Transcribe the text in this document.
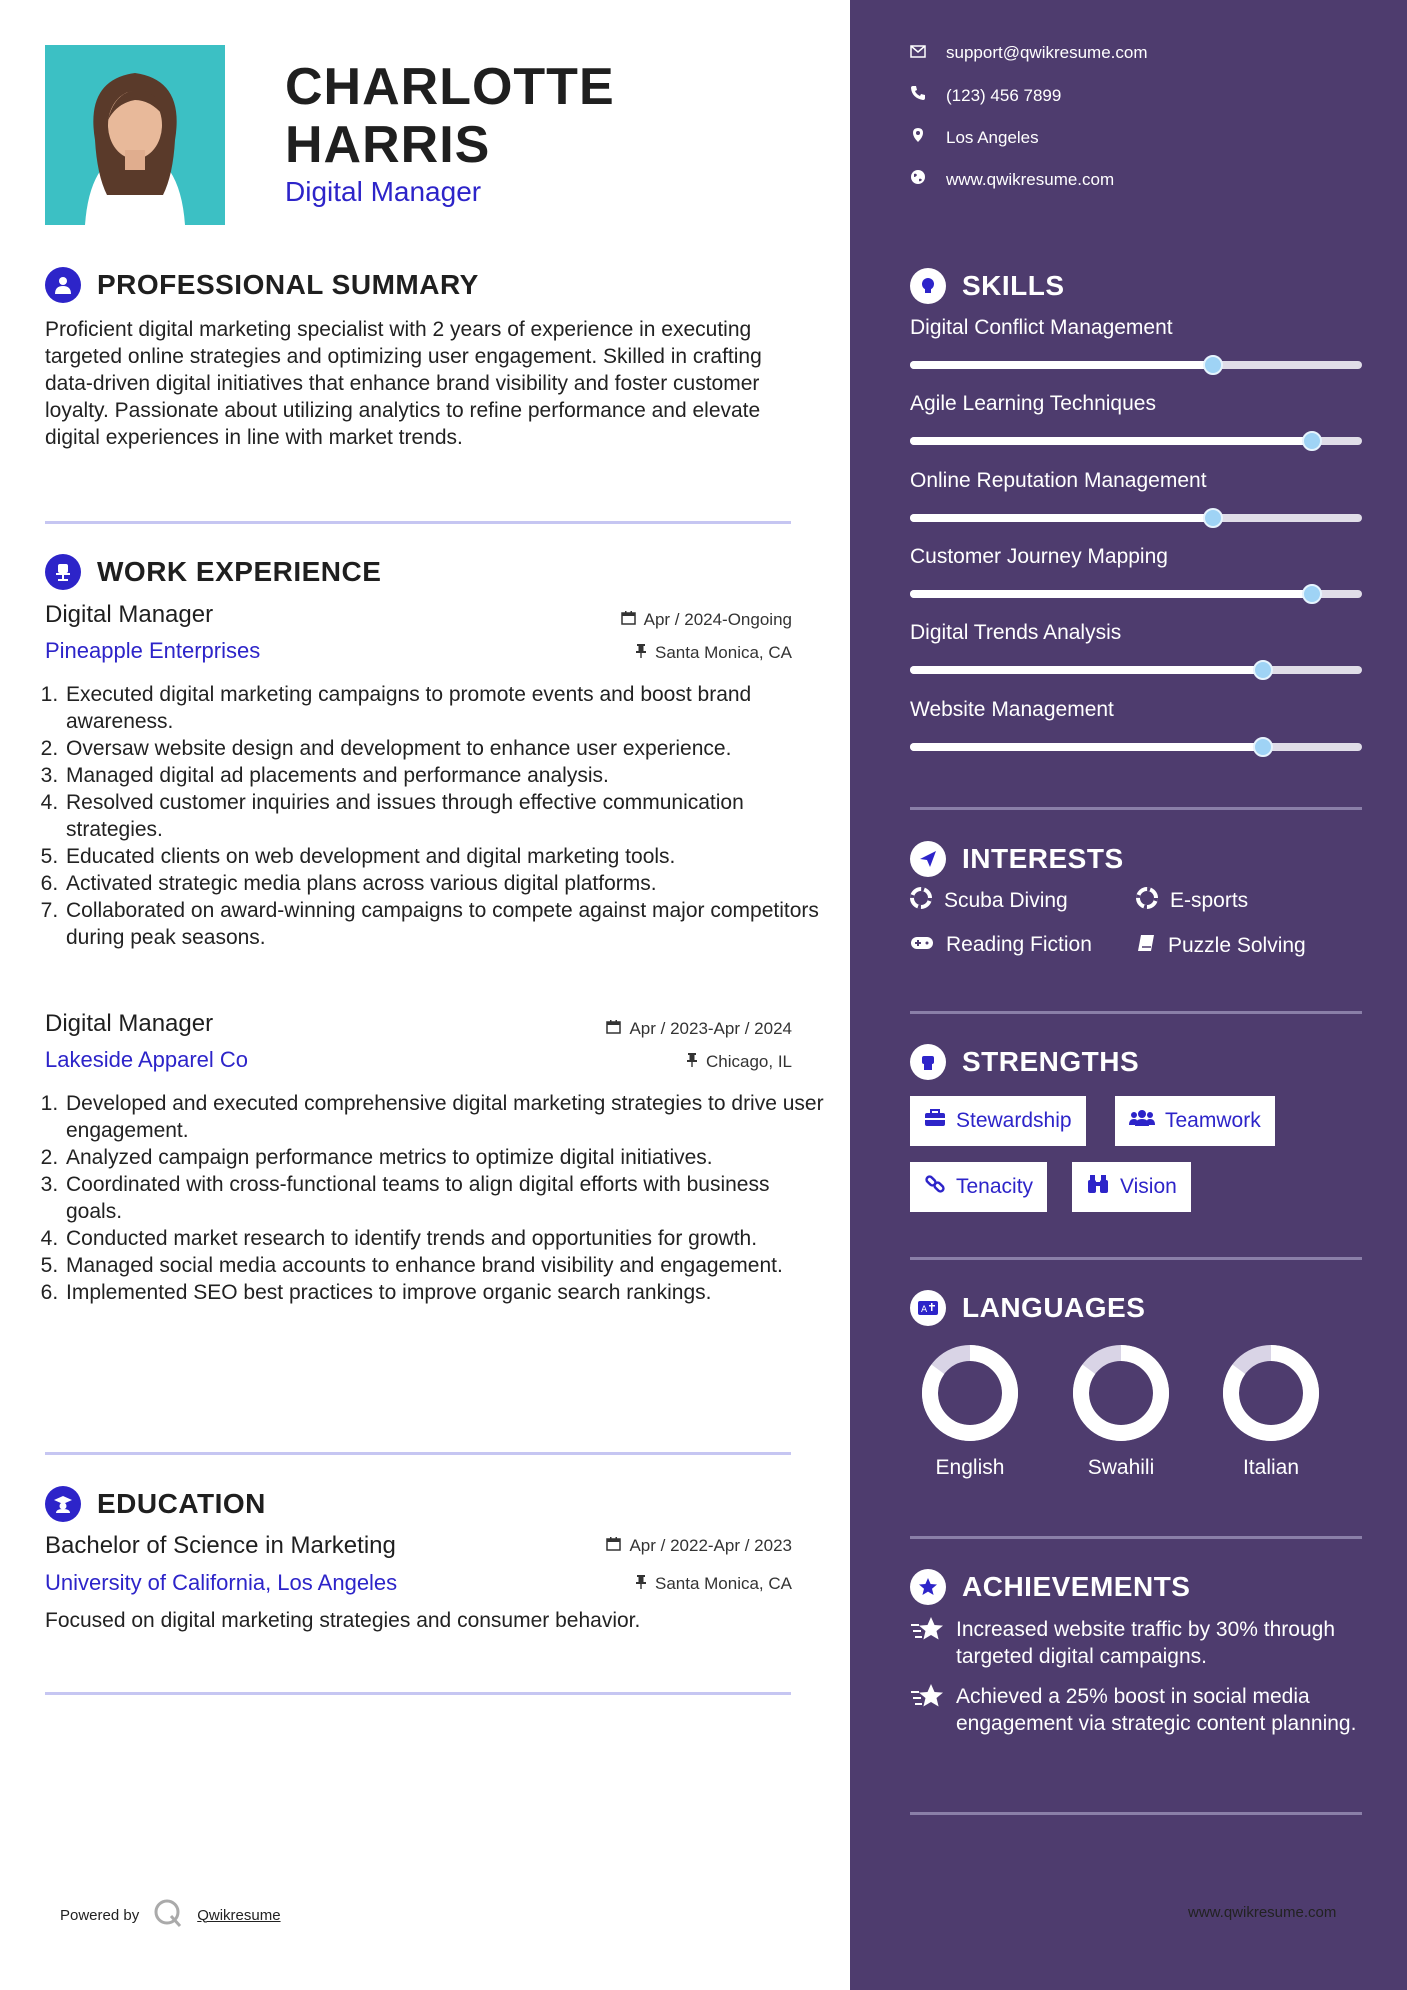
CHARLOTTE
HARRIS
Digital Manager
PROFESSIONAL SUMMARY
Proficient digital marketing specialist with 2 years of experience in executing targeted online strategies and optimizing user engagement. Skilled in crafting data-driven digital initiatives that enhance brand visibility and foster customer loyalty. Passionate about utilizing analytics to refine performance and elevate digital experiences in line with market trends.
WORK EXPERIENCE
Digital Manager	Apr / 2024-Ongoing
Pineapple Enterprises	Santa Monica, CA
1. Executed digital marketing campaigns to promote events and boost brand awareness.
2. Oversaw website design and development to enhance user experience.
3. Managed digital ad placements and performance analysis.
4. Resolved customer inquiries and issues through effective communication strategies.
5. Educated clients on web development and digital marketing tools.
6. Activated strategic media plans across various digital platforms.
7. Collaborated on award-winning campaigns to compete against major competitors during peak seasons.
Digital Manager	Apr / 2023-Apr / 2024
Lakeside Apparel Co	Chicago, IL
1. Developed and executed comprehensive digital marketing strategies to drive user engagement.
2. Analyzed campaign performance metrics to optimize digital initiatives.
3. Coordinated with cross-functional teams to align digital efforts with business goals.
4. Conducted market research to identify trends and opportunities for growth.
5. Managed social media accounts to enhance brand visibility and engagement.
6. Implemented SEO best practices to improve organic search rankings.
EDUCATION
Bachelor of Science in Marketing	Apr / 2022-Apr / 2023
University of California, Los Angeles	Santa Monica, CA
Focused on digital marketing strategies and consumer behavior.
Powered by	Qwikresume
support@qwikresume.com
(123) 456 7899
Los Angeles
www.qwikresume.com
SKILLS
Digital Conflict Management
Agile Learning Techniques
Online Reputation Management
Customer Journey Mapping
Digital Trends Analysis
Website Management
INTERESTS
Scuba Diving	E-sports
Reading Fiction	Puzzle Solving
STRENGTHS
Stewardship	Teamwork
Tenacity	Vision
A LANGUAGES
English	Swahili	Italian
ACHIEVEMENTS
Increased website traffic by 30% through targeted digital campaigns.
Achieved a 25% boost in social media engagement via strategic content planning.
www.qwikresume.com
